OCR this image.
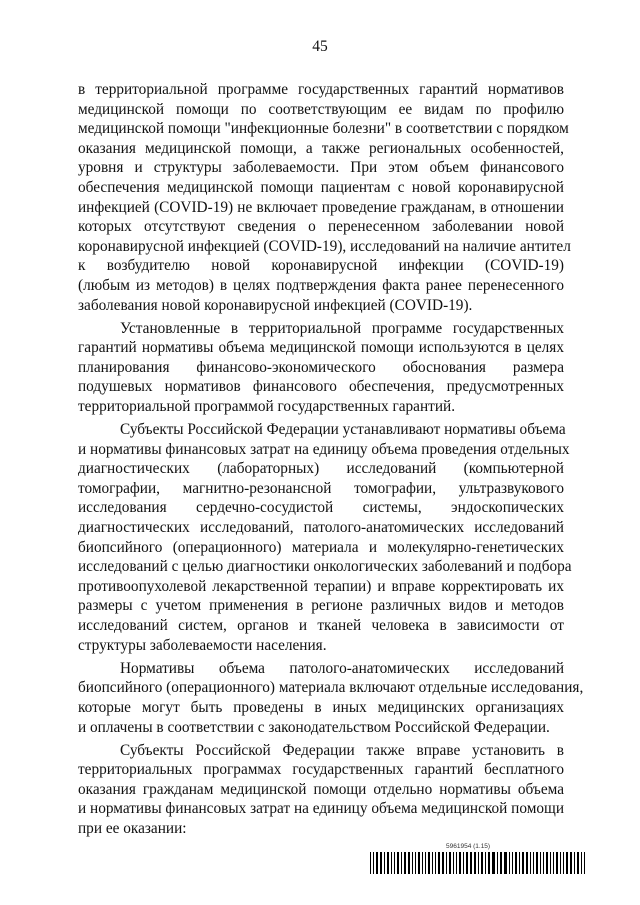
45
в территориальной программе государственных гарантий нормативов
медицинской помощи по соответствующим ее видам по профилю
медицинской помощи "инфекционные болезни" в соответствии с порядком
оказания медицинской помощи, а также региональных особенностей,
уровня и структуры заболеваемости. При этом объем финансового
обеспечения медицинской помощи пациентам с новой коронавирусной
инфекцией (COVID-19) не включает проведение гражданам, в отношении
которых отсутствуют сведения о перенесенном заболевании новой
коронавирусной инфекцией (COVID-19), исследований на наличие антител
к возбудителю новой коронавирусной инфекции (COVID-19)
(любым из методов) в целях подтверждения факта ранее перенесенного
заболевания новой коронавирусной инфекцией (COVID-19).
Установленные в территориальной программе государственных
гарантий нормативы объема медицинской помощи используются в целях
планирования финансово-экономического обоснования размера
подушевых нормативов финансового обеспечения, предусмотренных
территориальной программой государственных гарантий.
Субъекты Российской Федерации устанавливают нормативы объема
и нормативы финансовых затрат на единицу объема проведения отдельных
диагностических (лабораторных) исследований (компьютерной
томографии, магнитно-резонансной томографии, ультразвукового
исследования сердечно-сосудистой системы, эндоскопических
диагностических исследований, патолого-анатомических исследований
биопсийного (операционного) материала и молекулярно-генетических
исследований с целью диагностики онкологических заболеваний и подбора
противоопухолевой лекарственной терапии) и вправе корректировать их
размеры с учетом применения в регионе различных видов и методов
исследований систем, органов и тканей человека в зависимости от
структуры заболеваемости населения.
Нормативы объема патолого-анатомических исследований
биопсийного (операционного) материала включают отдельные исследования,
которые могут быть проведены в иных медицинских организациях
и оплачены в соответствии с законодательством Российской Федерации.
Субъекты Российской Федерации также вправе установить в
территориальных программах государственных гарантий бесплатного
оказания гражданам медицинской помощи отдельно нормативы объема
и нормативы финансовых затрат на единицу объема медицинской помощи
при ее оказании:
5961954 (1.15)
